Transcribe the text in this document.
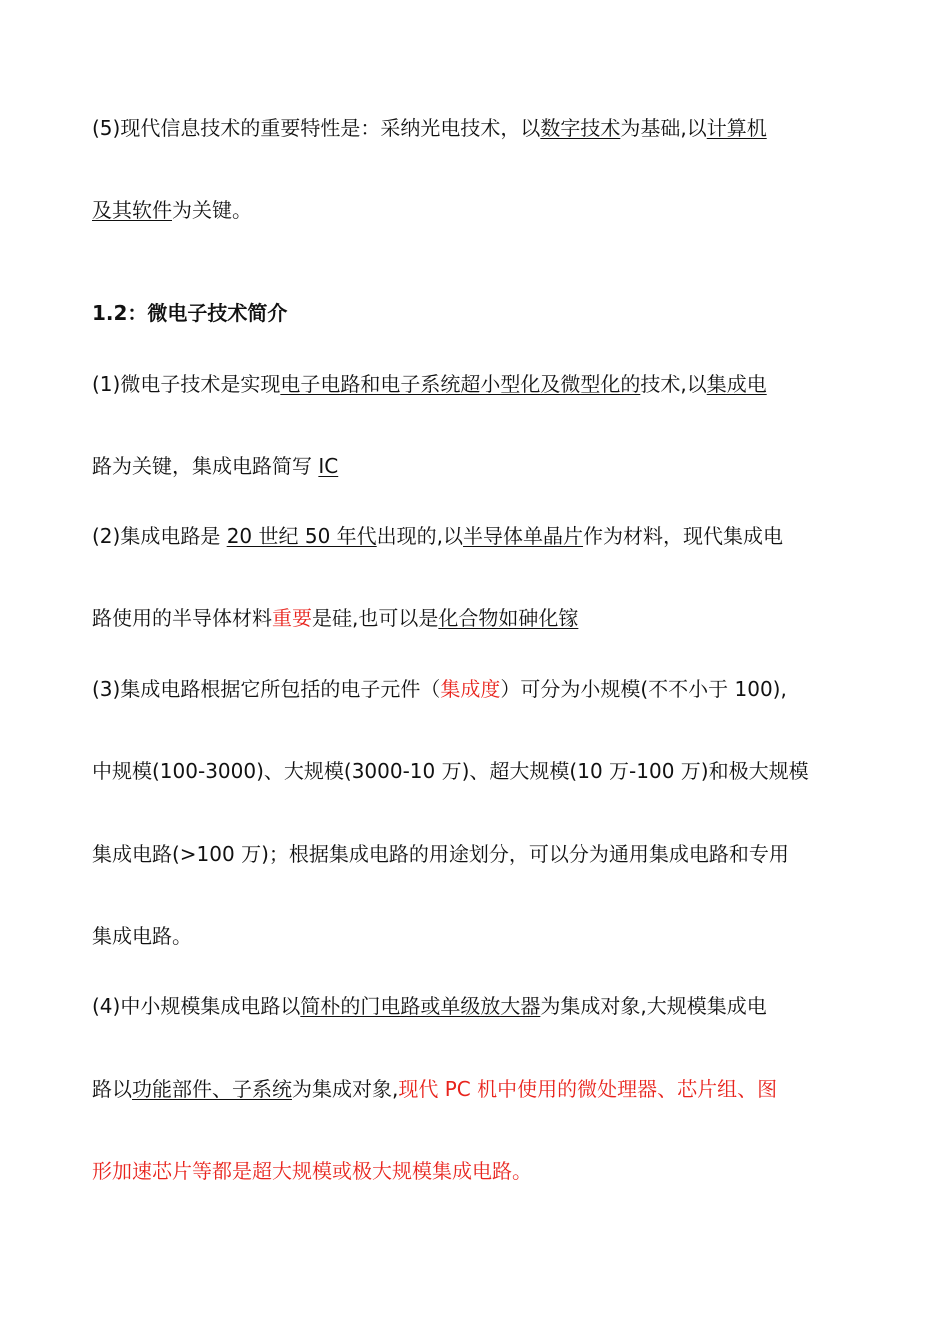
(5)现代信息技术的重要特性是：采纳光电技术，以数字技术为基础,以计算机

及其软件为关键。

1.2：微电子技术简介

(1)微电子技术是实现电子电路和电子系统超小型化及微型化的技术,以集成电

路为关键，集成电路简写 IC

(2)集成电路是 20 世纪 50 年代出现的,以半导体单晶片作为材料，现代集成电

路使用的半导体材料重要是硅,也可以是化合物如砷化镓

(3)集成电路根据它所包括的电子元件（集成度）可分为小规模(不不小于 100),

中规模(100-3000)、大规模(3000-10 万)、超大规模(10 万-100 万)和极大规模

集成电路(>100 万)；根据集成电路的用途划分，可以分为通用集成电路和专用

集成电路。

(4)中小规模集成电路以简朴的门电路或单级放大器为集成对象,大规模集成电

路以功能部件、子系统为集成对象,现代 PC 机中使用的微处理器、芯片组、图

形加速芯片等都是超大规模或极大规模集成电路。
